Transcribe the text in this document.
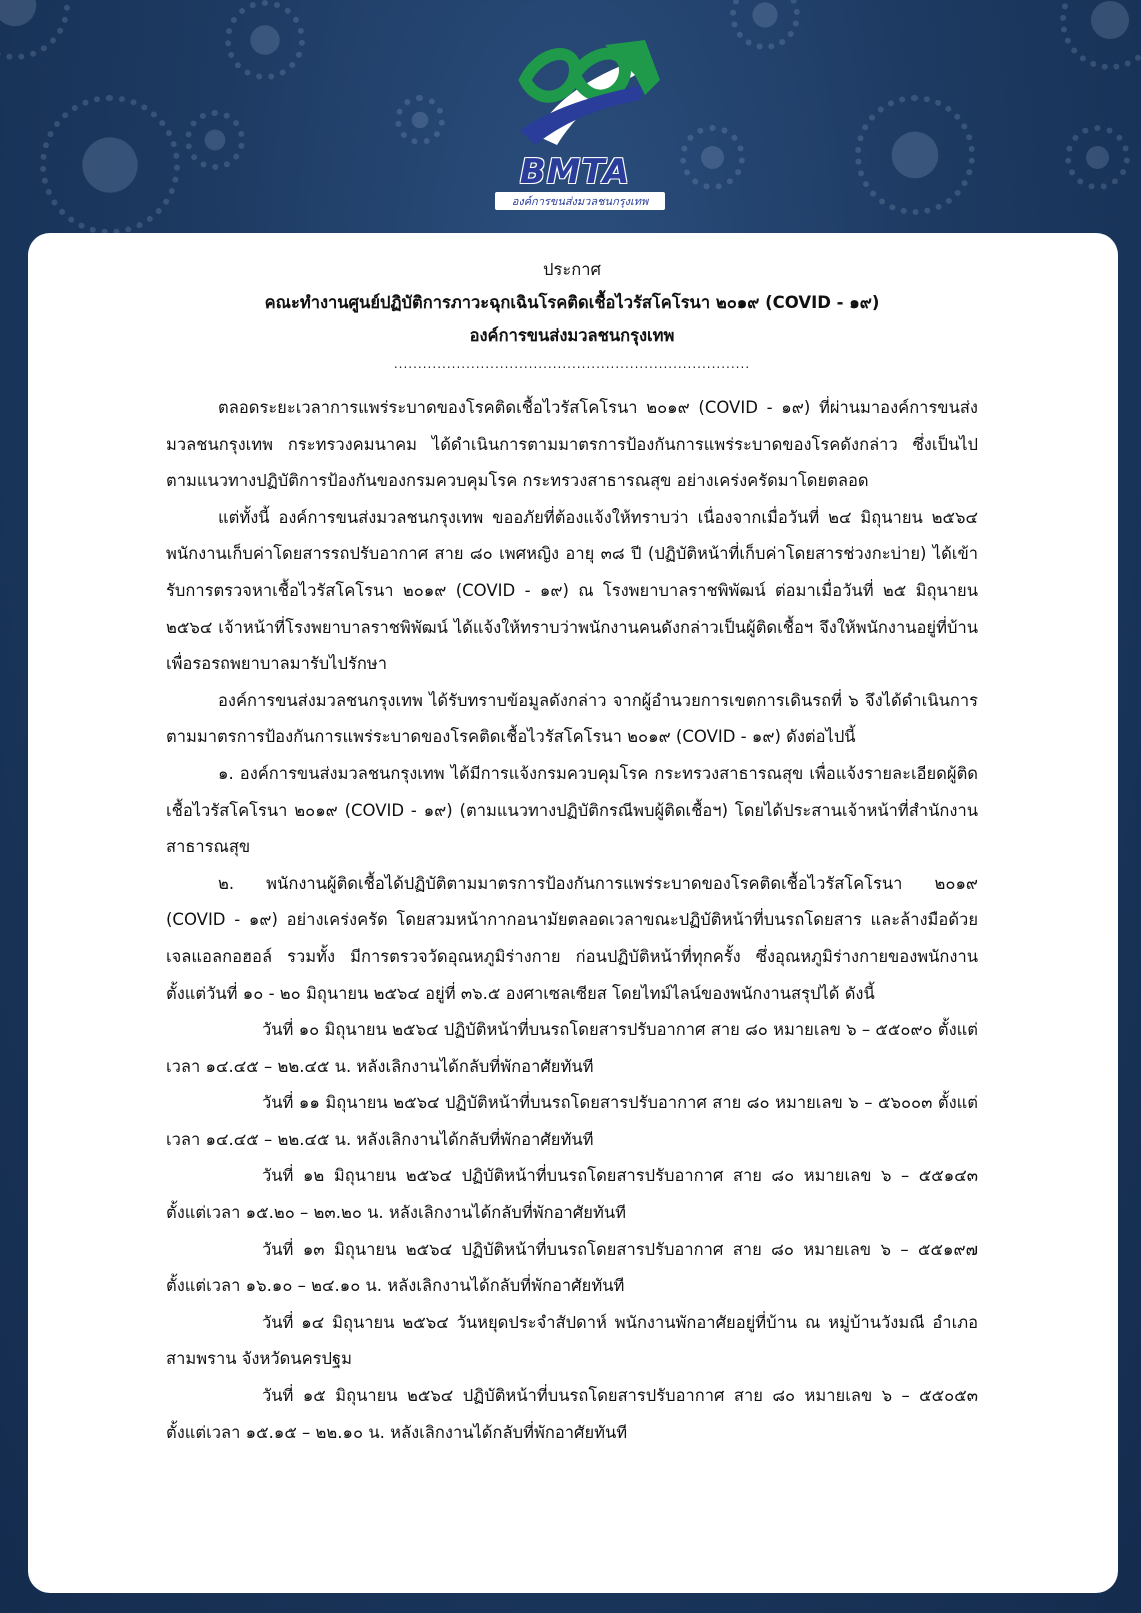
BMTA
องค์การขนส่งมวลชนกรุงเทพ
ประกาศ
คณะทำงานศูนย์ปฏิบัติการภาวะฉุกเฉินโรคติดเชื้อไวรัสโคโรนา ๒๐๑๙ (COVID - ๑๙)
องค์การขนส่งมวลชนกรุงเทพ
..........................................................................

ตลอดระยะเวลาการแพร่ระบาดของโรคติดเชื้อไวรัสโคโรนา ๒๐๑๙ (COVID - ๑๙) ที่ผ่านมาองค์การขนส่งมวลชนกรุงเทพ กระทรวงคมนาคม ได้ดำเนินการตามมาตรการป้องกันการแพร่ระบาดของโรคดังกล่าว ซึ่งเป็นไปตามแนวทางปฏิบัติการป้องกันของกรมควบคุมโรค กระทรวงสาธารณสุข อย่างเคร่งครัดมาโดยตลอด

แต่ทั้งนี้ องค์การขนส่งมวลชนกรุงเทพ ขออภัยที่ต้องแจ้งให้ทราบว่า เนื่องจากเมื่อวันที่ ๒๔ มิถุนายน ๒๕๖๔ พนักงานเก็บค่าโดยสารรถปรับอากาศ สาย ๘๐ เพศหญิง อายุ ๓๘ ปี (ปฏิบัติหน้าที่เก็บค่าโดยสารช่วงกะบ่าย) ได้เข้ารับการตรวจหาเชื้อไวรัสโคโรนา ๒๐๑๙ (COVID - ๑๙) ณ โรงพยาบาลราชพิพัฒน์ ต่อมาเมื่อวันที่ ๒๕ มิถุนายน ๒๕๖๔ เจ้าหน้าที่โรงพยาบาลราชพิพัฒน์ ได้แจ้งให้ทราบว่าพนักงานคนดังกล่าวเป็นผู้ติดเชื้อฯ จึงให้พนักงานอยู่ที่บ้าน เพื่อรอรถพยาบาลมารับไปรักษา

องค์การขนส่งมวลชนกรุงเทพ ได้รับทราบข้อมูลดังกล่าว จากผู้อำนวยการเขตการเดินรถที่ ๖ จึงได้ดำเนินการตามมาตรการป้องกันการแพร่ระบาดของโรคติดเชื้อไวรัสโคโรนา ๒๐๑๙ (COVID - ๑๙) ดังต่อไปนี้

๑. องค์การขนส่งมวลชนกรุงเทพ ได้มีการแจ้งกรมควบคุมโรค กระทรวงสาธารณสุข เพื่อแจ้งรายละเอียดผู้ติดเชื้อไวรัสโคโรนา ๒๐๑๙ (COVID - ๑๙) (ตามแนวทางปฏิบัติกรณีพบผู้ติดเชื้อฯ) โดยได้ประสานเจ้าหน้าที่สำนักงานสาธารณสุข

๒. พนักงานผู้ติดเชื้อได้ปฏิบัติตามมาตรการป้องกันการแพร่ระบาดของโรคติดเชื้อไวรัสโคโรนา ๒๐๑๙ (COVID - ๑๙) อย่างเคร่งครัด โดยสวมหน้ากากอนามัยตลอดเวลาขณะปฏิบัติหน้าที่บนรถโดยสาร และล้างมือด้วยเจลแอลกอฮอล์ รวมทั้ง มีการตรวจวัดอุณหภูมิร่างกาย ก่อนปฏิบัติหน้าที่ทุกครั้ง ซึ่งอุณหภูมิร่างกายของพนักงาน ตั้งแต่วันที่ ๑๐ - ๒๐ มิถุนายน ๒๕๖๔ อยู่ที่ ๓๖.๕ องศาเซลเซียส โดยไทม์ไลน์ของพนักงานสรุปได้ ดังนี้

วันที่ ๑๐ มิถุนายน ๒๕๖๔ ปฏิบัติหน้าที่บนรถโดยสารปรับอากาศ สาย ๘๐ หมายเลข ๖ – ๕๕๐๙๐ ตั้งแต่เวลา ๑๔.๔๕ – ๒๒.๔๕ น. หลังเลิกงานได้กลับที่พักอาศัยทันที

วันที่ ๑๑ มิถุนายน ๒๕๖๔ ปฏิบัติหน้าที่บนรถโดยสารปรับอากาศ สาย ๘๐ หมายเลข ๖ – ๕๖๐๐๓ ตั้งแต่เวลา ๑๔.๔๕ – ๒๒.๔๕ น. หลังเลิกงานได้กลับที่พักอาศัยทันที

วันที่ ๑๒ มิถุนายน ๒๕๖๔ ปฏิบัติหน้าที่บนรถโดยสารปรับอากาศ สาย ๘๐ หมายเลข ๖ – ๕๕๑๔๓ ตั้งแต่เวลา ๑๕.๒๐ – ๒๓.๒๐ น. หลังเลิกงานได้กลับที่พักอาศัยทันที

วันที่ ๑๓ มิถุนายน ๒๕๖๔ ปฏิบัติหน้าที่บนรถโดยสารปรับอากาศ สาย ๘๐ หมายเลข ๖ – ๕๕๑๙๗ ตั้งแต่เวลา ๑๖.๑๐ – ๒๔.๑๐ น. หลังเลิกงานได้กลับที่พักอาศัยทันที

วันที่ ๑๔ มิถุนายน ๒๕๖๔ วันหยุดประจำสัปดาห์ พนักงานพักอาศัยอยู่ที่บ้าน ณ หมู่บ้านวังมณี อำเภอสามพราน จังหวัดนครปฐม

วันที่ ๑๕ มิถุนายน ๒๕๖๔ ปฏิบัติหน้าที่บนรถโดยสารปรับอากาศ สาย ๘๐ หมายเลข ๖ – ๕๕๐๕๓ ตั้งแต่เวลา ๑๕.๑๕ – ๒๒.๑๐ น. หลังเลิกงานได้กลับที่พักอาศัยทันที
